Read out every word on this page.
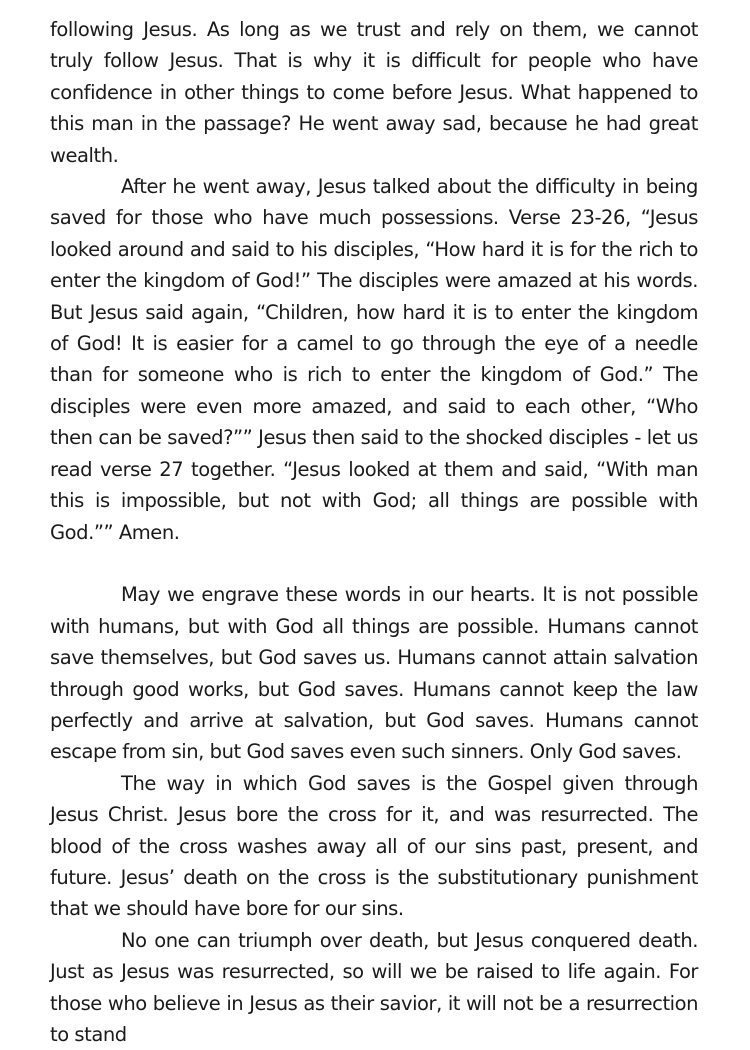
following Jesus. As long as we trust and rely on them, we cannot truly follow Jesus. That is why it is difficult for people who have confidence in other things to come before Jesus. What happened to this man in the passage? He went away sad, because he had great wealth.

After he went away, Jesus talked about the difficulty in being saved for those who have much possessions. Verse 23-26, “Jesus looked around and said to his disciples, “How hard it is for the rich to enter the kingdom of God!” The disciples were amazed at his words. But Jesus said again, “Children, how hard it is to enter the kingdom of God! It is easier for a camel to go through the eye of a needle than for someone who is rich to enter the kingdom of God.” The disciples were even more amazed, and said to each other, “Who then can be saved?”” Jesus then said to the shocked disciples - let us read verse 27 together. “Jesus looked at them and said, “With man this is impossible, but not with God; all things are possible with God.”” Amen.

May we engrave these words in our hearts. It is not possible with humans, but with God all things are possible. Humans cannot save themselves, but God saves us. Humans cannot attain salvation through good works, but God saves. Humans cannot keep the law perfectly and arrive at salvation, but God saves. Humans cannot escape from sin, but God saves even such sinners. Only God saves.

The way in which God saves is the Gospel given through Jesus Christ. Jesus bore the cross for it, and was resurrected. The blood of the cross washes away all of our sins past, present, and future. Jesus’ death on the cross is the substitutionary punishment that we should have bore for our sins.

No one can triumph over death, but Jesus conquered death. Just as Jesus was resurrected, so will we be raised to life again. For those who believe in Jesus as their savior, it will not be a resurrection to stand
